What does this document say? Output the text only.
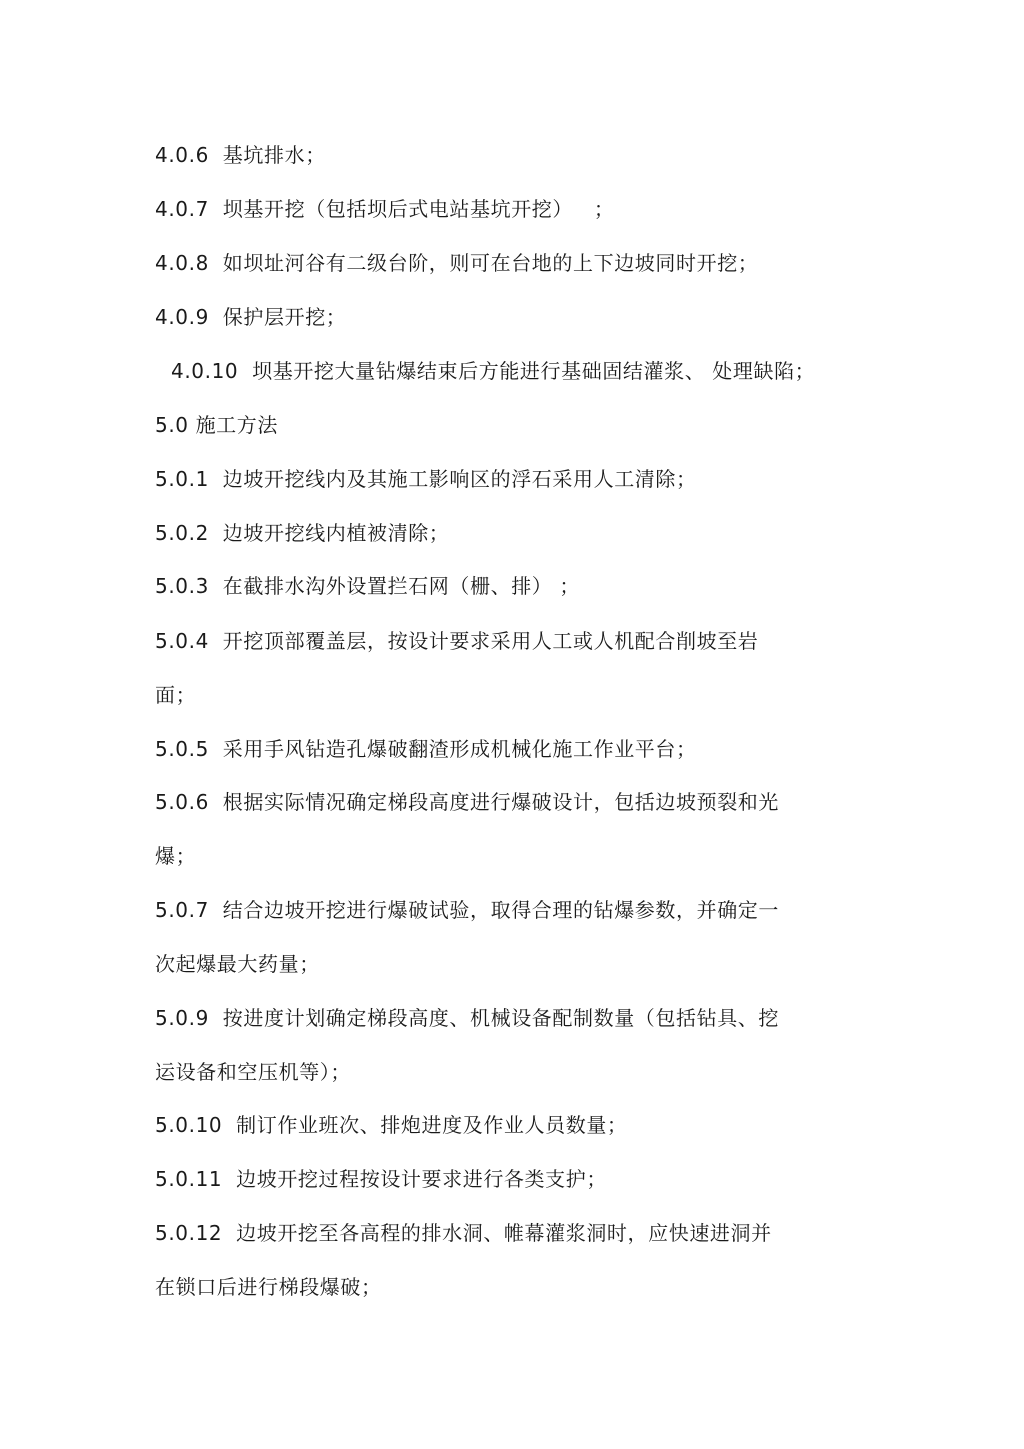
4.0.6  基坑排水；
4.0.7  坝基开挖（包括坝后式电站基坑开挖）   ；
4.0.8  如坝址河谷有二级台阶，则可在台地的上下边坡同时开挖；
4.0.9  保护层开挖；
4.0.10  坝基开挖大量钻爆结束后方能进行基础固结灌浆、 处理缺陷；
5.0 施工方法
5.0.1  边坡开挖线内及其施工影响区的浮石采用人工清除；
5.0.2  边坡开挖线内植被清除；
5.0.3  在截排水沟外设置拦石网（栅、排） ；
5.0.4  开挖顶部覆盖层，按设计要求采用人工或人机配合削坡至岩
面；
5.0.5  采用手风钻造孔爆破翻渣形成机械化施工作业平台；
5.0.6  根据实际情况确定梯段高度进行爆破设计，包括边坡预裂和光
爆；
5.0.7  结合边坡开挖进行爆破试验，取得合理的钻爆参数，并确定一
次起爆最大药量；
5.0.9  按进度计划确定梯段高度、机械设备配制数量（包括钻具、挖
运设备和空压机等）；
5.0.10  制订作业班次、排炮进度及作业人员数量；
5.0.11  边坡开挖过程按设计要求进行各类支护；
5.0.12  边坡开挖至各高程的排水洞、帷幕灌浆洞时，应快速进洞并
在锁口后进行梯段爆破；
